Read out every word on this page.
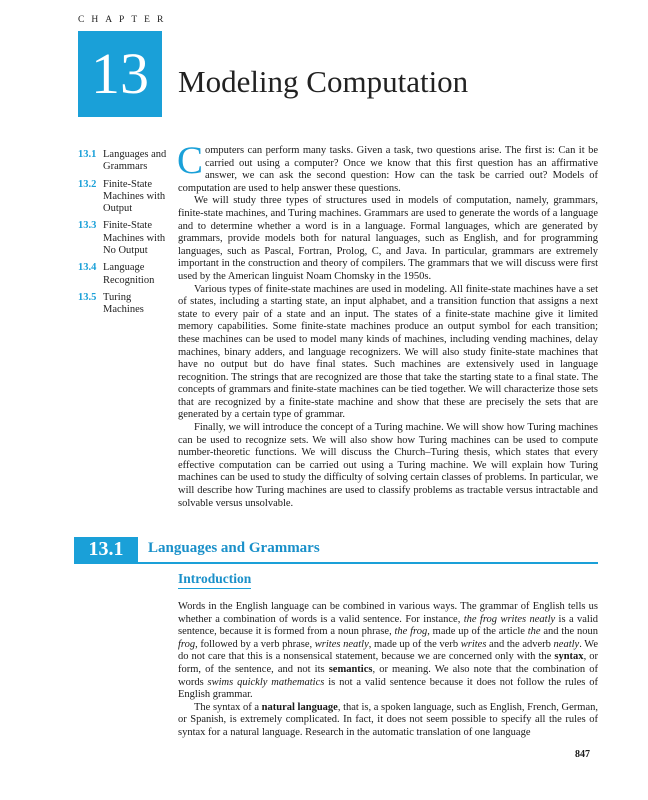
CHAPTER
13 Modeling Computation
13.1 Languages and Grammars
13.2 Finite-State Machines with Output
13.3 Finite-State Machines with No Output
13.4 Language Recognition
13.5 Turing Machines

Computers can perform many tasks. Given a task, two questions arise. The first is: Can it be carried out using a computer? Once we know that this first question has an affirmative answer, we can ask the second question: How can the task be carried out? Models of computation are used to help answer these questions.

We will study three types of structures used in models of computation, namely, grammars, finite-state machines, and Turing machines. Grammars are used to generate the words of a language and to determine whether a word is in a language. Formal languages, which are generated by grammars, provide models both for natural languages, such as English, and for programming languages, such as Pascal, Fortran, Prolog, C, and Java. In particular, grammars are extremely important in the construction and theory of compilers. The grammars that we will discuss were first used by the American linguist Noam Chomsky in the 1950s.

Various types of finite-state machines are used in modeling. All finite-state machines have a set of states, including a starting state, an input alphabet, and a transition function that assigns a next state to every pair of a state and an input. The states of a finite-state machine give it limited memory capabilities. Some finite-state machines produce an output symbol for each transition; these machines can be used to model many kinds of machines, including vending machines, delay machines, binary adders, and language recognizers. We will also study finite-state machines that have no output but do have final states. Such machines are extensively used in language recognition. The strings that are recognized are those that take the starting state to a final state. The concepts of grammars and finite-state machines can be tied together. We will characterize those sets that are recognized by a finite-state machine and show that these are precisely the sets that are generated by a certain type of grammar.

Finally, we will introduce the concept of a Turing machine. We will show how Turing machines can be used to recognize sets. We will also show how Turing machines can be used to compute number-theoretic functions. We will discuss the Church–Turing thesis, which states that every effective computation can be carried out using a Turing machine. We will explain how Turing machines can be used to study the difficulty of solving certain classes of problems. In particular, we will describe how Turing machines are used to classify problems as tractable versus intractable and solvable versus unsolvable.

13.1	Languages and Grammars
Introduction

Words in the English language can be combined in various ways. The grammar of English tells us whether a combination of words is a valid sentence. For instance, the frog writes neatly is a valid sentence, because it is formed from a noun phrase, the frog, made up of the article the and the noun frog, followed by a verb phrase, writes neatly, made up of the verb writes and the adverb neatly. We do not care that this is a nonsensical statement, because we are concerned only with the syntax, or form, of the sentence, and not its semantics, or meaning. We also note that the combination of words swims quickly mathematics is not a valid sentence because it does not follow the rules of English grammar.

The syntax of a natural language, that is, a spoken language, such as English, French, German, or Spanish, is extremely complicated. In fact, it does not seem possible to specify all the rules of syntax for a natural language. Research in the automatic translation of one language

847
